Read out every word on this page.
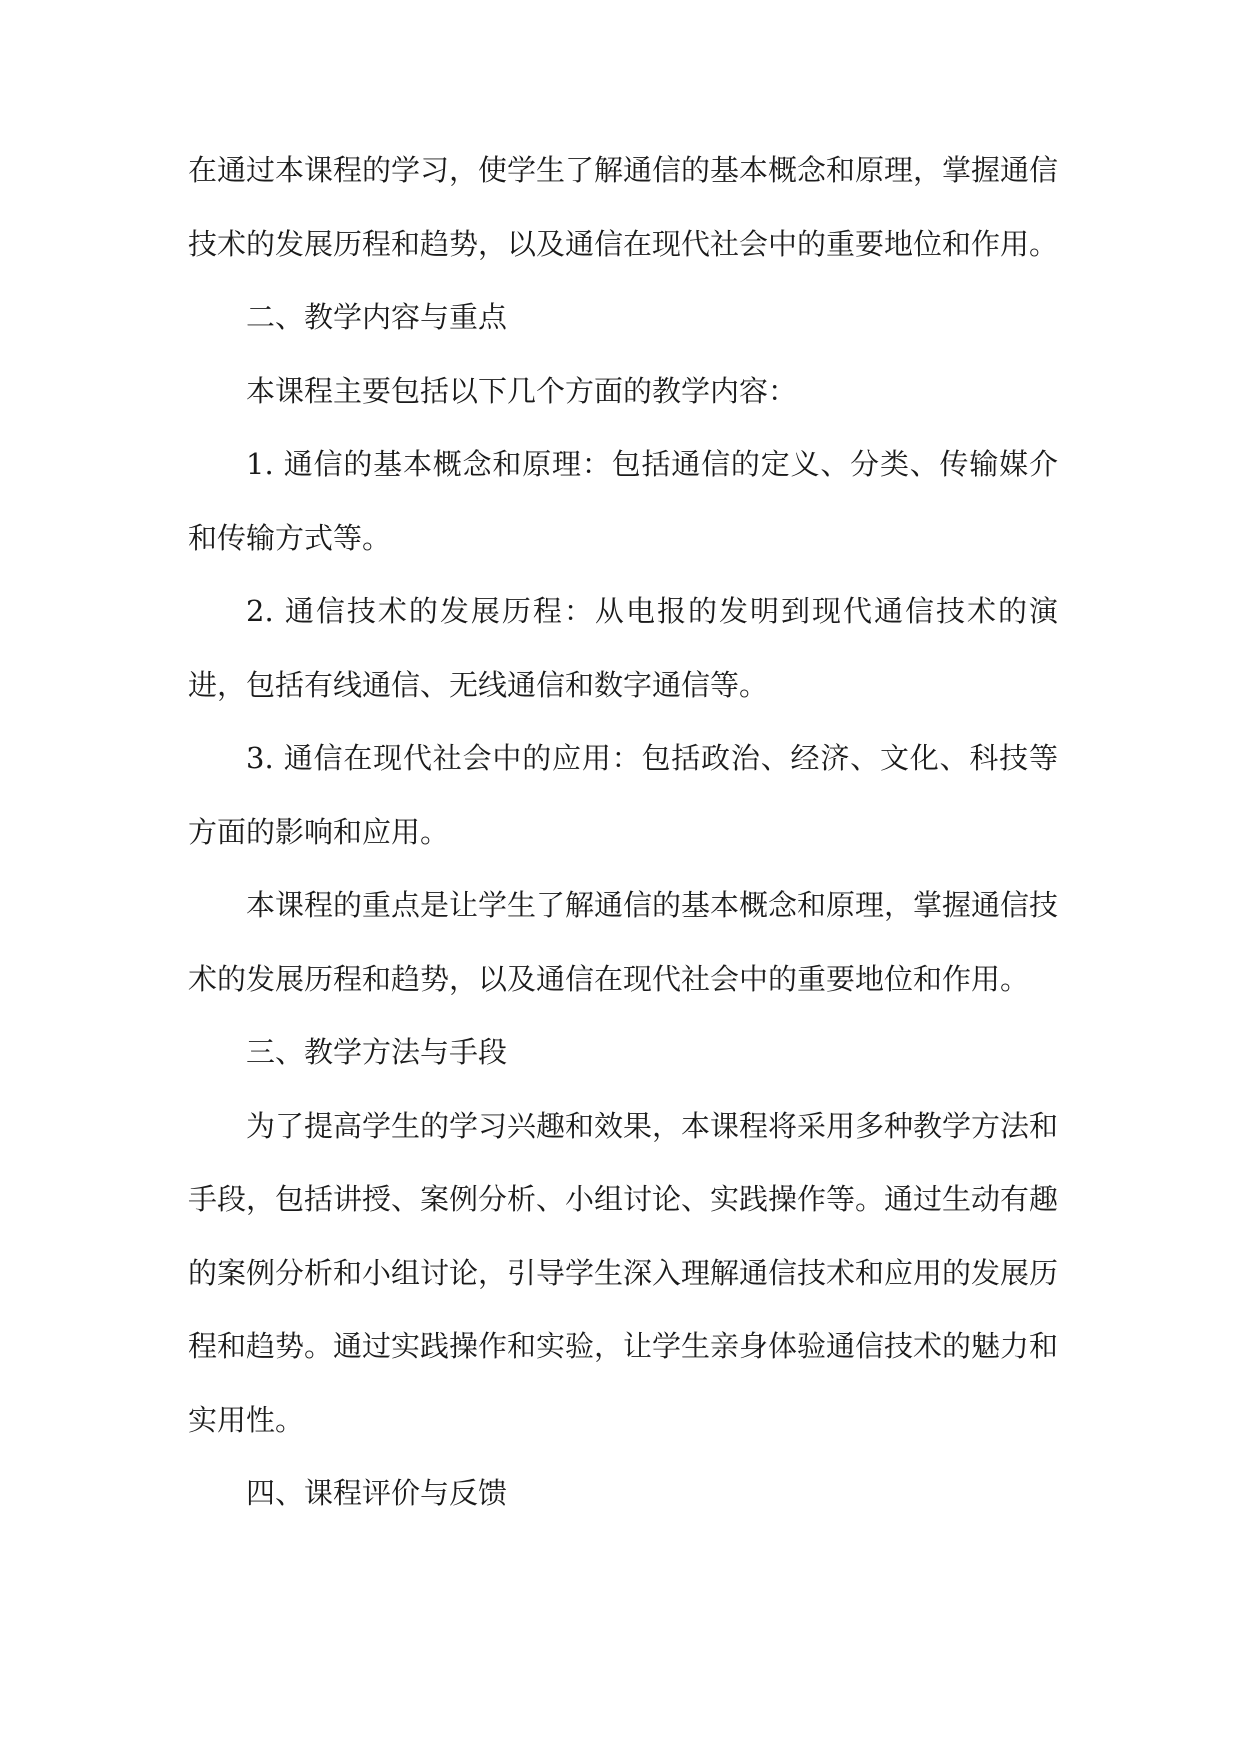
在通过本课程的学习，使学生了解通信的基本概念和原理，掌握通信技术的发展历程和趋势，以及通信在现代社会中的重要地位和作用。

二、教学内容与重点

本课程主要包括以下几个方面的教学内容：

1. 通信的基本概念和原理：包括通信的定义、分类、传输媒介和传输方式等。

2. 通信技术的发展历程：从电报的发明到现代通信技术的演进，包括有线通信、无线通信和数字通信等。

3. 通信在现代社会中的应用：包括政治、经济、文化、科技等方面的影响和应用。

本课程的重点是让学生了解通信的基本概念和原理，掌握通信技术的发展历程和趋势，以及通信在现代社会中的重要地位和作用。

三、教学方法与手段

为了提高学生的学习兴趣和效果，本课程将采用多种教学方法和手段，包括讲授、案例分析、小组讨论、实践操作等。通过生动有趣的案例分析和小组讨论，引导学生深入理解通信技术和应用的发展历程和趋势。通过实践操作和实验，让学生亲身体验通信技术的魅力和实用性。

四、课程评价与反馈
